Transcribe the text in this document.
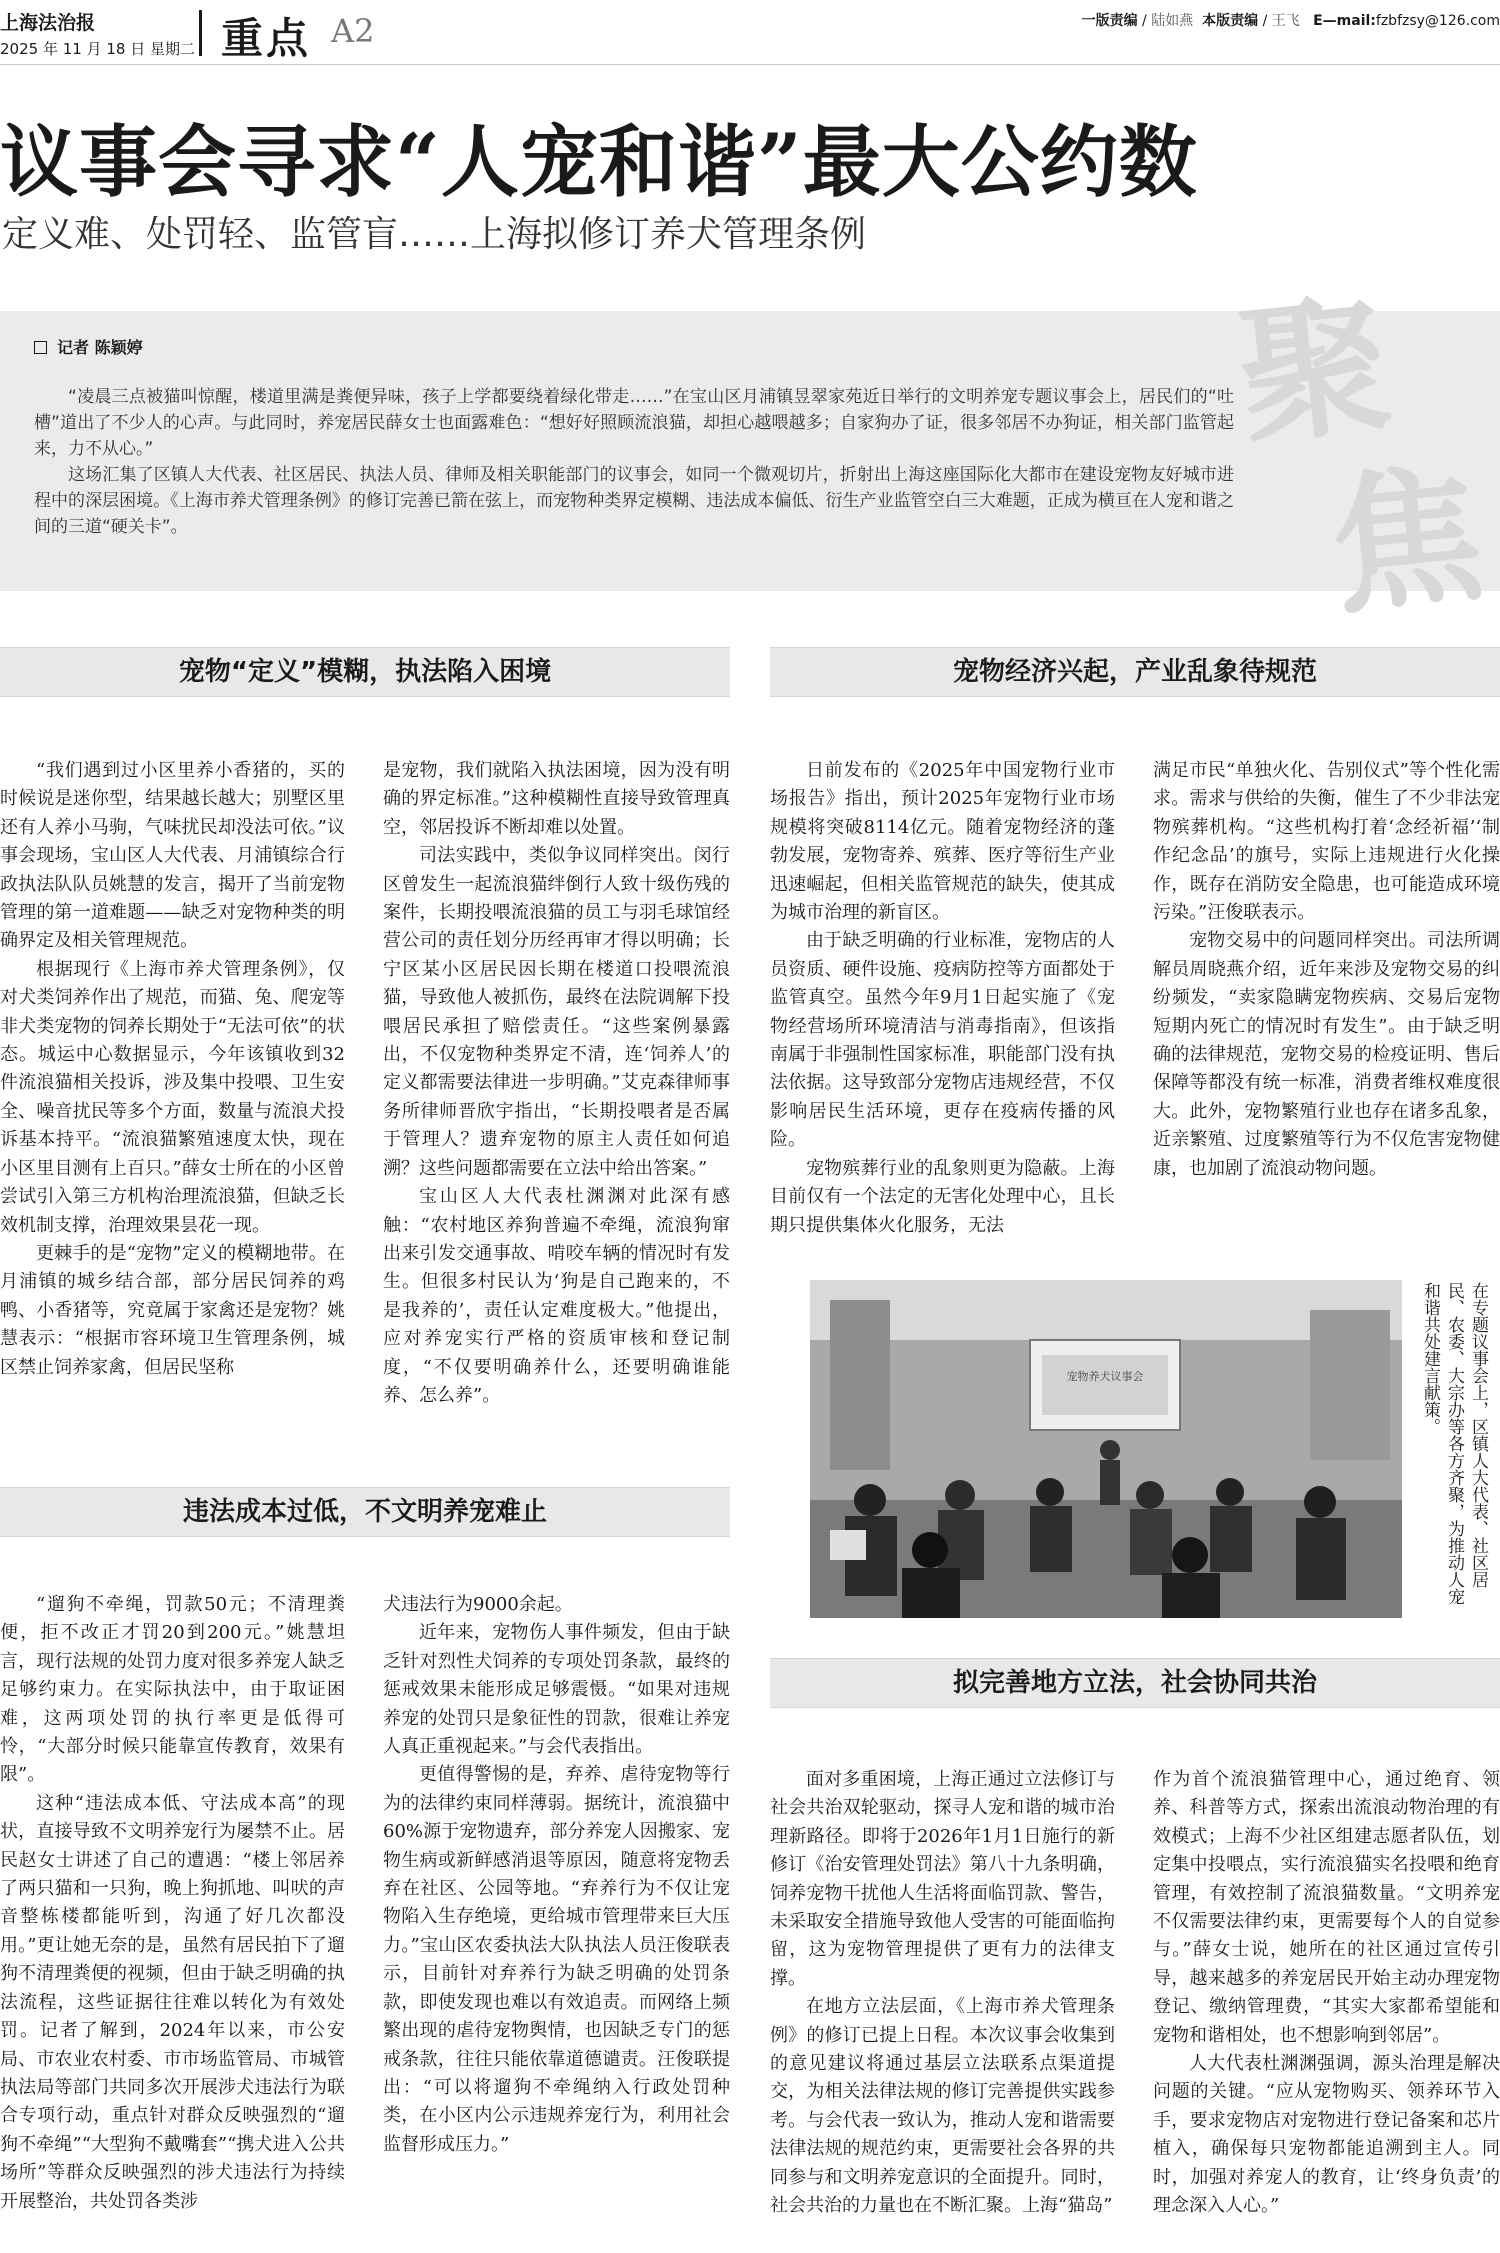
上海法治报
2025 年 11 月 18 日 星期二 重点 A2	一版责编 / 陆如燕 本版责编 / 王飞 E—mail:fzbfzsy@126.com
议事会寻求“人宠和谐”最大公约数
定义难、处罚轻、监管盲……上海拟修订养犬管理条例
聚
焦
记者 陈颖婷

“凌晨三点被猫叫惊醒，楼道里满是粪便异味，孩子上学都要绕着绿化带走……”在宝山区月浦镇昱翠家苑近日举行的文明养宠专题议事会上，居民们的“吐槽”道出了不少人的心声。与此同时，养宠居民薛女士也面露难色：“想好好照顾流浪猫，却担心越喂越多；自家狗办了证，很多邻居不办狗证，相关部门监管起来，力不从心。”

这场汇集了区镇人大代表、社区居民、执法人员、律师及相关职能部门的议事会，如同一个微观切片，折射出上海这座国际化大都市在建设宠物友好城市进程中的深层困境。《上海市养犬管理条例》的修订完善已箭在弦上，而宠物种类界定模糊、违法成本偏低、衍生产业监管空白三大难题，正成为横亘在人宠和谐之间的三道“硬关卡”。

宠物“定义”模糊，执法陷入困境

“我们遇到过小区里养小香猪的，买的时候说是迷你型，结果越长越大；别墅区里还有人养小马驹，气味扰民却没法可依。”议事会现场，宝山区人大代表、月浦镇综合行政执法队队员姚慧的发言，揭开了当前宠物管理的第一道难题——缺乏对宠物种类的明确界定及相关管理规范。

根据现行《上海市养犬管理条例》，仅对犬类饲养作出了规范，而猫、兔、爬宠等非犬类宠物的饲养长期处于“无法可依”的状态。城运中心数据显示，今年该镇收到32件流浪猫相关投诉，涉及集中投喂、卫生安全、噪音扰民等多个方面，数量与流浪犬投诉基本持平。“流浪猫繁殖速度太快，现在小区里目测有上百只。”薛女士所在的小区曾尝试引入第三方机构治理流浪猫，但缺乏长效机制支撑，治理效果昙花一现。

更棘手的是“宠物”定义的模糊地带。在月浦镇的城乡结合部，部分居民饲养的鸡鸭、小香猪等，究竟属于家禽还是宠物？姚慧表示：“根据市容环境卫生管理条例，城区禁止饲养家禽，但居民坚称

是宠物，我们就陷入执法困境，因为没有明确的界定标准。”这种模糊性直接导致管理真空，邻居投诉不断却难以处置。

司法实践中，类似争议同样突出。闵行区曾发生一起流浪猫绊倒行人致十级伤残的案件，长期投喂流浪猫的员工与羽毛球馆经营公司的责任划分历经再审才得以明确；长宁区某小区居民因长期在楼道口投喂流浪猫，导致他人被抓伤，最终在法院调解下投喂居民承担了赔偿责任。“这些案例暴露出，不仅宠物种类界定不清，连‘饲养人’的定义都需要法律进一步明确。”艾克森律师事务所律师晋欣宇指出，“长期投喂者是否属于管理人？遗弃宠物的原主人责任如何追溯？这些问题都需要在立法中给出答案。”

宝山区人大代表杜渊渊对此深有感触：“农村地区养狗普遍不牵绳，流浪狗窜出来引发交通事故、啃咬车辆的情况时有发生。但很多村民认为‘狗是自己跑来的，不是我养的’，责任认定难度极大。”他提出，应对养宠实行严格的资质审核和登记制度，“不仅要明确养什么，还要明确谁能养、怎么养”。

宠物经济兴起，产业乱象待规范

日前发布的《2025年中国宠物行业市场报告》指出，预计2025年宠物行业市场规模将突破8114亿元。随着宠物经济的蓬勃发展，宠物寄养、殡葬、医疗等衍生产业迅速崛起，但相关监管规范的缺失，使其成为城市治理的新盲区。

由于缺乏明确的行业标准，宠物店的人员资质、硬件设施、疫病防控等方面都处于监管真空。虽然今年9月1日起实施了《宠物经营场所环境清洁与消毒指南》，但该指南属于非强制性国家标准，职能部门没有执法依据。这导致部分宠物店违规经营，不仅影响居民生活环境，更存在疫病传播的风险。

宠物殡葬行业的乱象则更为隐蔽。上海目前仅有一个法定的无害化处理中心，且长期只提供集体火化服务，无法

满足市民“单独火化、告别仪式”等个性化需求。需求与供给的失衡，催生了不少非法宠物殡葬机构。“这些机构打着‘念经祈福’‘制作纪念品’的旗号，实际上违规进行火化操作，既存在消防安全隐患，也可能造成环境污染。”汪俊联表示。

宠物交易中的问题同样突出。司法所调解员周晓燕介绍，近年来涉及宠物交易的纠纷频发，“卖家隐瞒宠物疾病、交易后宠物短期内死亡的情况时有发生”。由于缺乏明确的法律规范，宠物交易的检疫证明、售后保障等都没有统一标准，消费者维权难度很大。此外，宠物繁殖行业也存在诸多乱象，近亲繁殖、过度繁殖等行为不仅危害宠物健康，也加剧了流浪动物问题。

宠物养犬议事会	在专题议事会上，区镇人大代表、社区居民、农委、大宗办等各方齐聚，为推动人宠和谐共处建言献策。
违法成本过低，不文明养宠难止

“遛狗不牵绳，罚款50元；不清理粪便，拒不改正才罚20到200元。”姚慧坦言，现行法规的处罚力度对很多养宠人缺乏足够约束力。在实际执法中，由于取证困难，这两项处罚的执行率更是低得可怜，“大部分时候只能靠宣传教育，效果有限”。

这种“违法成本低、守法成本高”的现状，直接导致不文明养宠行为屡禁不止。居民赵女士讲述了自己的遭遇：“楼上邻居养了两只猫和一只狗，晚上狗抓地、叫吠的声音整栋楼都能听到，沟通了好几次都没用。”更让她无奈的是，虽然有居民拍下了遛狗不清理粪便的视频，但由于缺乏明确的执法流程，这些证据往往难以转化为有效处罚。记者了解到，2024年以来，市公安局、市农业农村委、市市场监管局、市城管执法局等部门共同多次开展涉犬违法行为联合专项行动，重点针对群众反映强烈的“遛狗不牵绳”“大型狗不戴嘴套”“携犬进入公共场所”等群众反映强烈的涉犬违法行为持续开展整治，共处罚各类涉

犬违法行为9000余起。

近年来，宠物伤人事件频发，但由于缺乏针对烈性犬饲养的专项处罚条款，最终的惩戒效果未能形成足够震慑。“如果对违规养宠的处罚只是象征性的罚款，很难让养宠人真正重视起来。”与会代表指出。

更值得警惕的是，弃养、虐待宠物等行为的法律约束同样薄弱。据统计，流浪猫中60%源于宠物遗弃，部分养宠人因搬家、宠物生病或新鲜感消退等原因，随意将宠物丢弃在社区、公园等地。“弃养行为不仅让宠物陷入生存绝境，更给城市管理带来巨大压力。”宝山区农委执法大队执法人员汪俊联表示，目前针对弃养行为缺乏明确的处罚条款，即使发现也难以有效追责。而网络上频繁出现的虐待宠物舆情，也因缺乏专门的惩戒条款，往往只能依靠道德谴责。汪俊联提出：“可以将遛狗不牵绳纳入行政处罚种类，在小区内公示违规养宠行为，利用社会监督形成压力。”

拟完善地方立法，社会协同共治

面对多重困境，上海正通过立法修订与社会共治双轮驱动，探寻人宠和谐的城市治理新路径。即将于2026年1月1日施行的新修订《治安管理处罚法》第八十九条明确，饲养宠物干扰他人生活将面临罚款、警告，未采取安全措施导致他人受害的可能面临拘留，这为宠物管理提供了更有力的法律支撑。

在地方立法层面，《上海市养犬管理条例》的修订已提上日程。本次议事会收集到的意见建议将通过基层立法联系点渠道提交，为相关法律法规的修订完善提供实践参考。与会代表一致认为，推动人宠和谐需要法律法规的规范约束，更需要社会各界的共同参与和文明养宠意识的全面提升。同时，社会共治的力量也在不断汇聚。上海“猫岛”

作为首个流浪猫管理中心，通过绝育、领养、科普等方式，探索出流浪动物治理的有效模式；上海不少社区组建志愿者队伍，划定集中投喂点，实行流浪猫实名投喂和绝育管理，有效控制了流浪猫数量。“文明养宠不仅需要法律约束，更需要每个人的自觉参与。”薛女士说，她所在的社区通过宣传引导，越来越多的养宠居民开始主动办理宠物登记、缴纳管理费，“其实大家都希望能和宠物和谐相处，也不想影响到邻居”。

人大代表杜渊渊强调，源头治理是解决问题的关键。“应从宠物购买、领养环节入手，要求宠物店对宠物进行登记备案和芯片植入，确保每只宠物都能追溯到主人。同时，加强对养宠人的教育，让‘终身负责’的理念深入人心。”
